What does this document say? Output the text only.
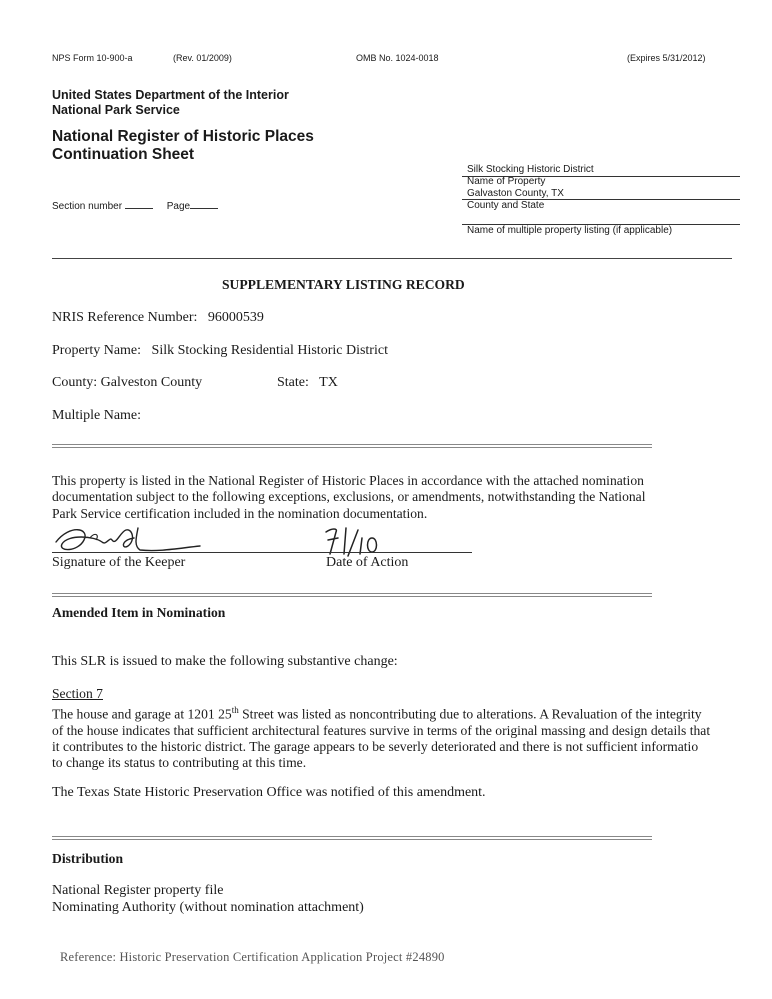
NPS Form 10-900-a	(Rev. 01/2009)	OMB No. 1024-0018	(Expires 5/31/2012)
United States Department of the Interior
National Park Service
National Register of Historic Places
Continuation Sheet
Section number	Page
Silk Stocking Historic District
Name of Property
Galvaston County, TX
County and State
Name of multiple property listing (if applicable)
SUPPLEMENTARY LISTING RECORD
NRIS Reference Number: 96000539
Property Name: Silk Stocking Residential Historic District
County: Galveston County	State: TX
Multiple Name:
This property is listed in the National Register of Historic Places in accordance with the attached nomination
documentation subject to the following exceptions, exclusions, or amendments, notwithstanding the National
Park Service certification included in the nomination documentation.
Signature of the Keeper	Date of Action
Amended Item in Nomination
This SLR is issued to make the following substantive change:
Section 7
The house and garage at 1201 25th Street was listed as noncontributing due to alterations. A Revaluation of the integrity
of the house indicates that sufficient architectural features survive in terms of the original massing and design details that
it contributes to the historic district. The garage appears to be severly deteriorated and there is not sufficient informatio
to change its status to contributing at this time.
The Texas State Historic Preservation Office was notified of this amendment.
Distribution
National Register property file
Nominating Authority (without nomination attachment)
Reference: Historic Preservation Certification Application Project #24890
